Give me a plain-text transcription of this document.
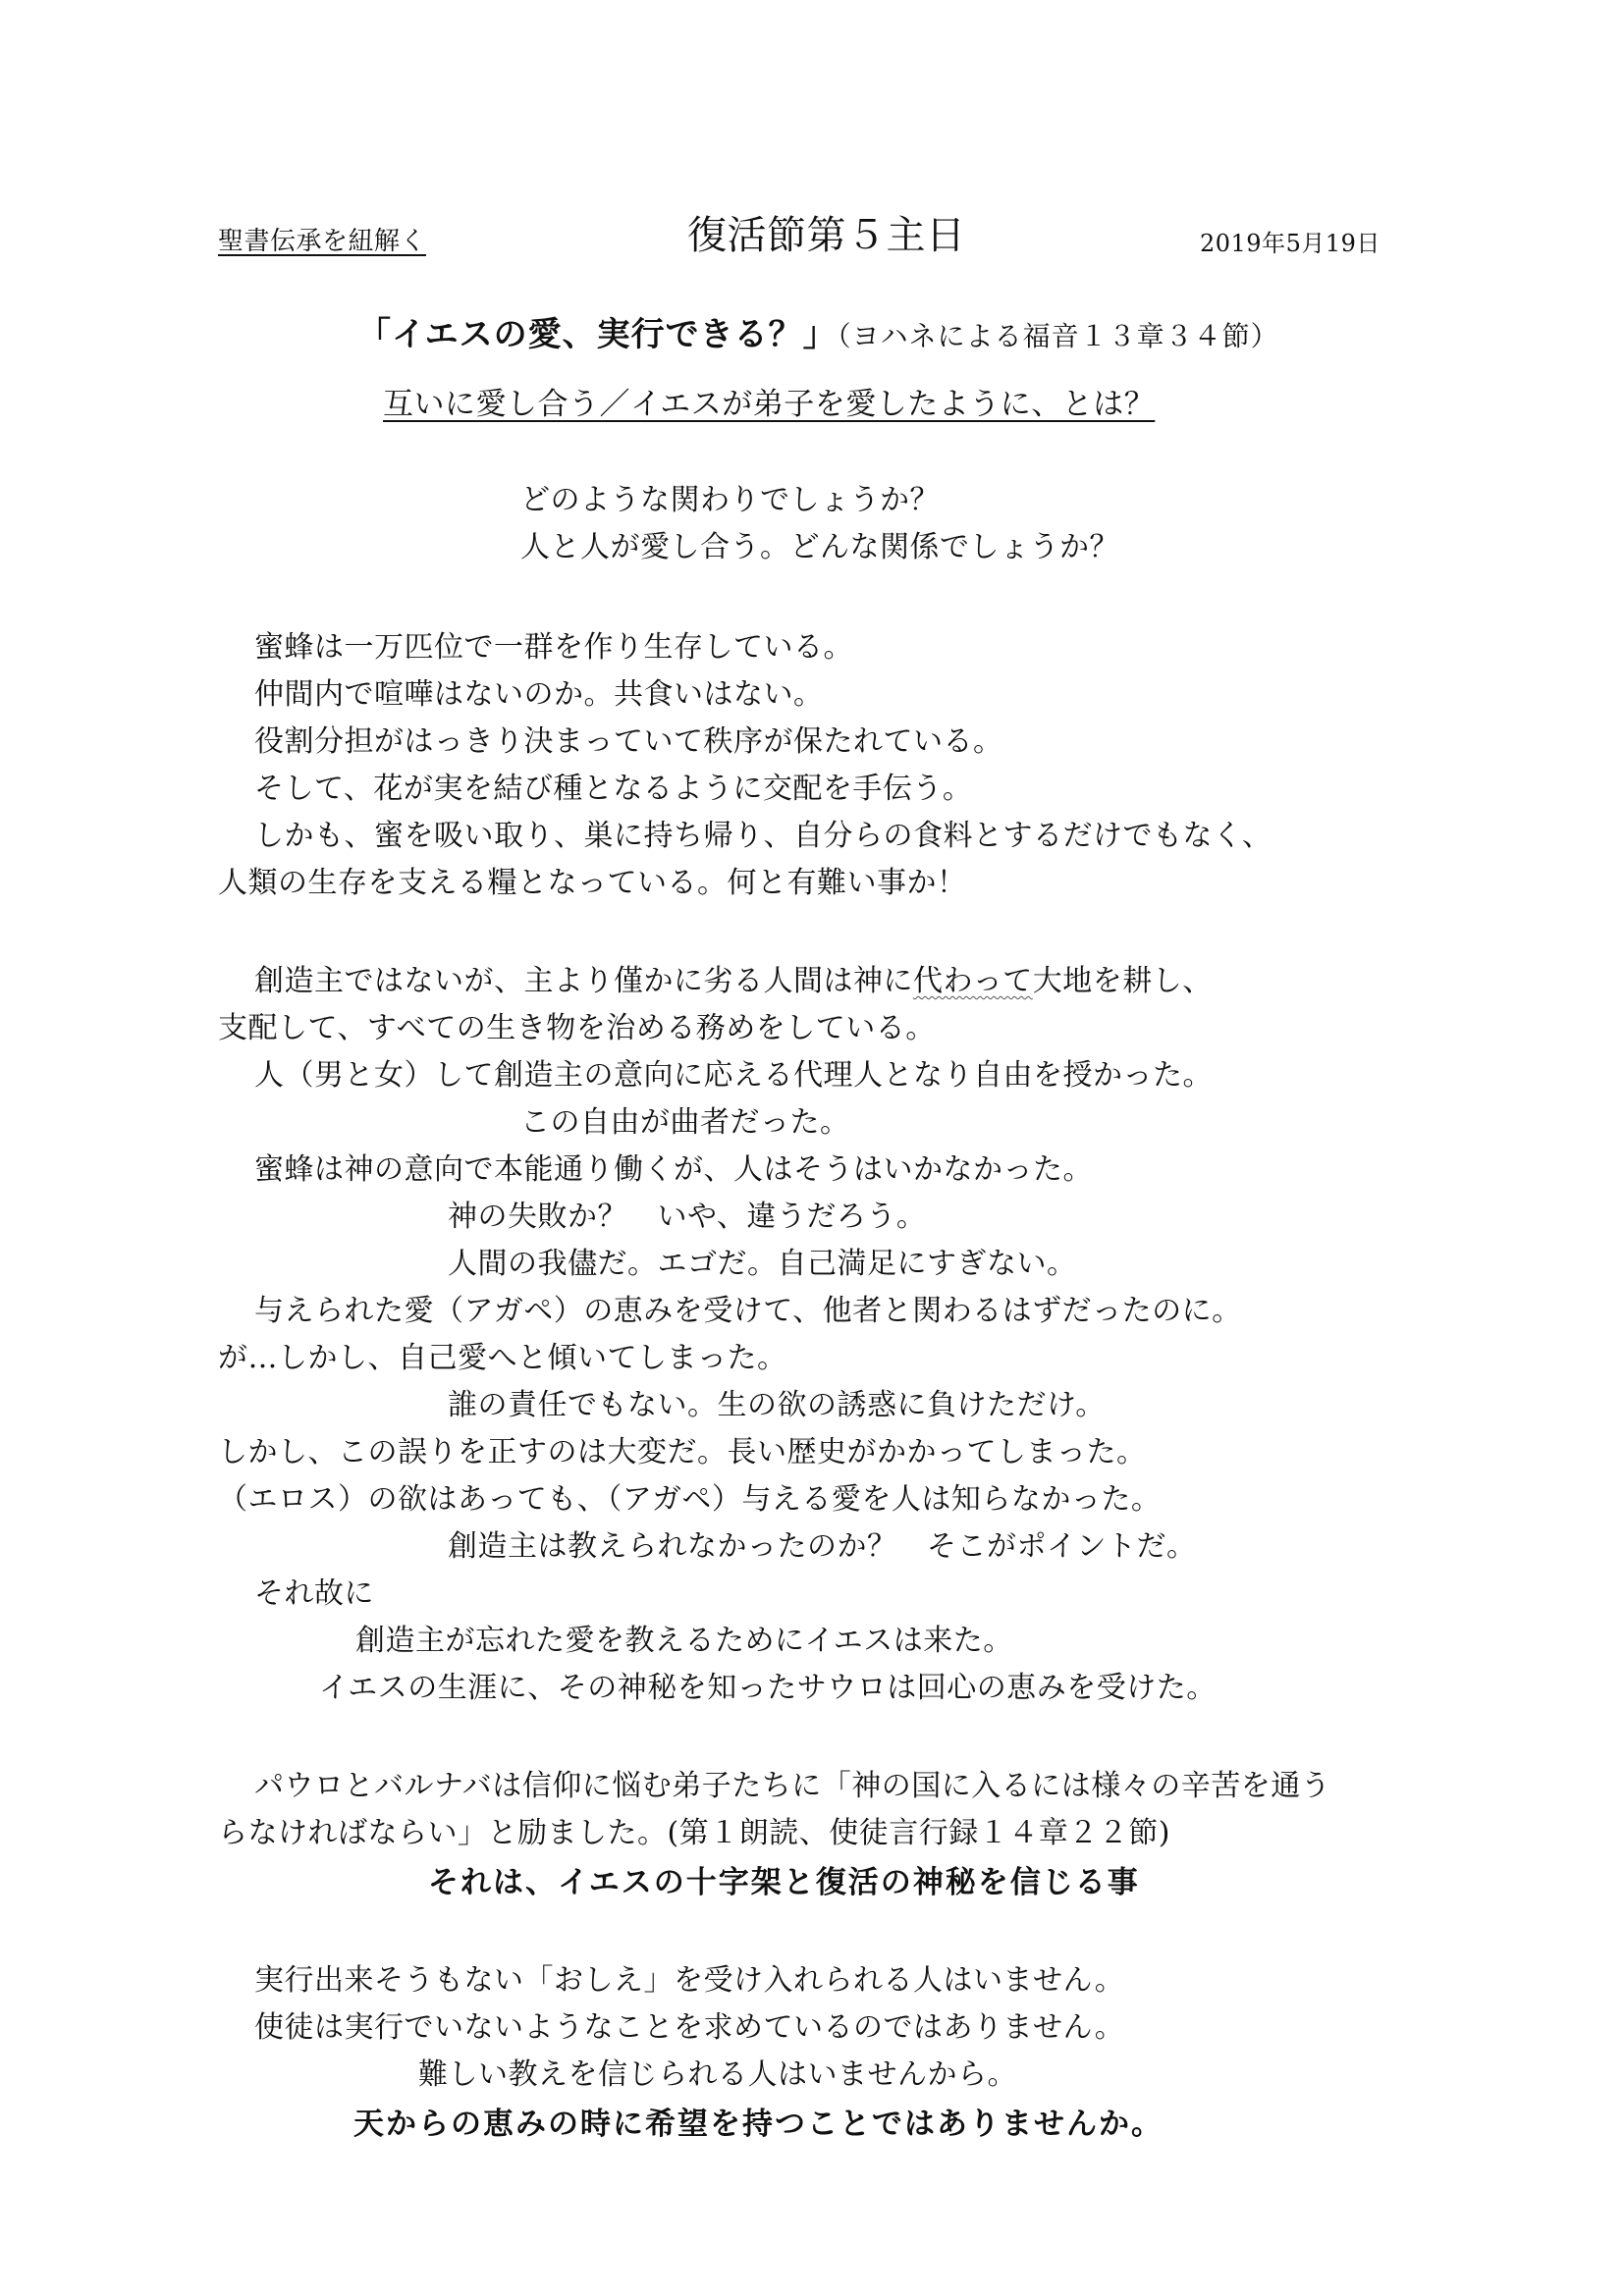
聖書伝承を紐解く	復活節第５主日	2019年5月19日
「イエスの愛、実行できる？」（ヨハネによる福音１３章３４節）
互いに愛し合う／イエスが弟子を愛したように、とは？
どのような関わりでしょうか？
人と人が愛し合う。どんな関係でしょうか？
蜜蜂は一万匹位で一群を作り生存している。
仲間内で喧嘩はないのか。共食いはない。
役割分担がはっきり決まっていて秩序が保たれている。
そして、花が実を結び種となるように交配を手伝う。
しかも、蜜を吸い取り、巣に持ち帰り、自分らの食料とするだけでもなく、
人類の生存を支える糧となっている。何と有難い事か！
創造主ではないが、主より僅かに劣る人間は神に代わって大地を耕し、
支配して、すべての生き物を治める務めをしている。
人（男と女）して創造主の意向に応える代理人となり自由を授かった。
この自由が曲者だった。
蜜蜂は神の意向で本能通り働くが、人はそうはいかなかった。
神の失敗か？　いや、違うだろう。
人間の我儘だ。エゴだ。自己満足にすぎない。
与えられた愛（アガペ）の恵みを受けて、他者と関わるはずだったのに。
が…しかし、自己愛へと傾いてしまった。
誰の責任でもない。生の欲の誘惑に負けただけ。
しかし、この誤りを正すのは大変だ。長い歴史がかかってしまった。
（エロス）の欲はあっても、（アガペ）与える愛を人は知らなかった。
創造主は教えられなかったのか？　そこがポイントだ。
それ故に
創造主が忘れた愛を教えるためにイエスは来た。
イエスの生涯に、その神秘を知ったサウロは回心の恵みを受けた。
パウロとバルナバは信仰に悩む弟子たちに「神の国に入るには様々の辛苦を通う
らなければならい」と励ました。(第１朗読、使徒言行録１４章２２節)
それは、イエスの十字架と復活の神秘を信じる事
実行出来そうもない「おしえ」を受け入れられる人はいません。
使徒は実行でいないようなことを求めているのではありません。
難しい教えを信じられる人はいませんから。
天からの恵みの時に希望を持つことではありませんか。
